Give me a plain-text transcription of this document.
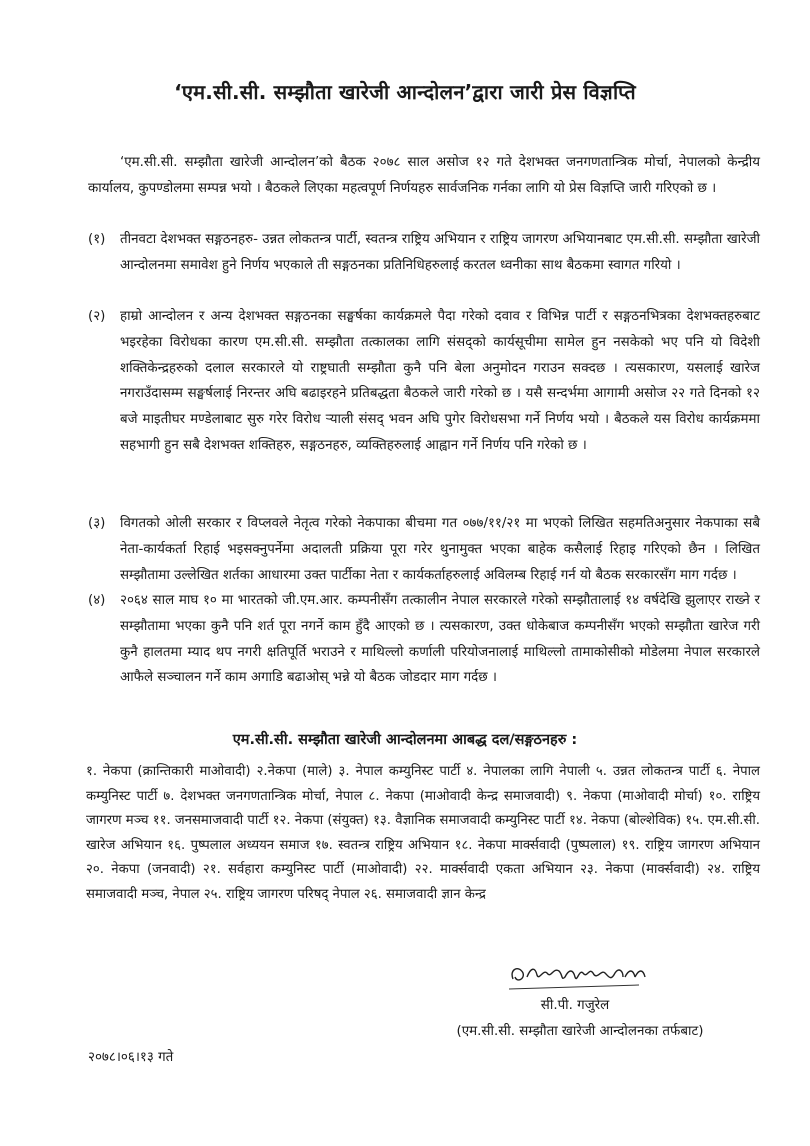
‘एम.सी.सी. सम्झौता खारेजी आन्दोलन’द्वारा जारी प्रेस विज्ञप्ति
‘एम.सी.सी. सम्झौता खारेजी आन्दोलन’को बैठक २०७८ साल असोज १२ गते देशभक्त जनगणतान्त्रिक मोर्चा, नेपालको केन्द्रीय कार्यालय, कुपण्डोलमा सम्पन्न भयो । बैठकले लिएका महत्वपूर्ण निर्णयहरु सार्वजनिक गर्नका लागि यो प्रेस विज्ञप्ति जारी गरिएको छ ।
(१)	तीनवटा देशभक्त सङ्गठनहरु- उन्नत लोकतन्त्र पार्टी, स्वतन्त्र राष्ट्रिय अभियान र राष्ट्रिय जागरण अभियानबाट एम.सी.सी. सम्झौता खारेजी आन्दोलनमा समावेश हुने निर्णय भएकाले ती सङ्गठनका प्रतिनिधिहरुलाई करतल ध्वनीका साथ बैठकमा स्वागत गरियो ।
(२)	हाम्रो आन्दोलन र अन्य देशभक्त सङ्गठनका सङ्घर्षका कार्यक्रमले पैदा गरेको दवाव र विभिन्न पार्टी र सङ्गठनभित्रका देशभक्तहरुबाट भइरहेका विरोधका कारण एम.सी.सी. सम्झौता तत्कालका लागि संसद्को कार्यसूचीमा सामेल हुन नसकेको भए पनि यो विदेशी शक्तिकेन्द्रहरुको दलाल सरकारले यो राष्ट्रघाती सम्झौता कुनै पनि बेला अनुमोदन गराउन सक्दछ । त्यसकारण, यसलाई खारेज नगराउँदासम्म सङ्घर्षलाई निरन्तर अघि बढाइरहने प्रतिबद्धता बैठकले जारी गरेको छ । यसै सन्दर्भमा आगामी असोज २२ गते दिनको १२ बजे माइतीघर मण्डेलाबाट सुरु गरेर विरोध ऱ्याली संसद् भवन अघि पुगेर विरोधसभा गर्ने निर्णय भयो । बैठकले यस विरोध कार्यक्रममा सहभागी हुन सबै देशभक्त शक्तिहरु, सङ्गठनहरु, व्यक्तिहरुलाई आह्वान गर्ने निर्णय पनि गरेको छ ।
(३)	विगतको ओली सरकार र विप्लवले नेतृत्व गरेको नेकपाका बीचमा गत ०७७/११/२१ मा भएको लिखित सहमतिअनुसार नेकपाका सबै नेता-कार्यकर्ता रिहाई भइसक्नुपर्नेमा अदालती प्रक्रिया पूरा गरेर थुनामुक्त भएका बाहेक कसैलाई रिहाइ गरिएको छैन । लिखित सम्झौतामा उल्लेखित शर्तका आधारमा उक्त पार्टीका नेता र कार्यकर्ताहरुलाई अविलम्ब रिहाई गर्न यो बैठक सरकारसँग माग गर्दछ ।
(४)	२०६४ साल माघ १० मा भारतको जी.एम.आर. कम्पनीसँग तत्कालीन नेपाल सरकारले गरेको सम्झौतालाई १४ वर्षदेखि झुलाएर राख्ने र सम्झौतामा भएका कुनै पनि शर्त पूरा नगर्ने काम हुँदै आएको छ । त्यसकारण, उक्त धोकेबाज कम्पनीसँग भएको सम्झौता खारेज गरी कुनै हालतमा म्याद थप नगरी क्षतिपूर्ति भराउने र माथिल्लो कर्णाली परियोजनालाई माथिल्लो तामाकोसीको मोडेलमा नेपाल सरकारले आफैले सञ्चालन गर्ने काम अगाडि बढाओस् भन्ने यो बैठक जोडदार माग गर्दछ ।
एम.सी.सी. सम्झौता खारेजी आन्दोलनमा आबद्ध दल/सङ्गठनहरु :
१. नेकपा (क्रान्तिकारी माओवादी) २.नेकपा (माले) ३. नेपाल कम्युनिस्ट पार्टी ४. नेपालका लागि नेपाली ५. उन्नत लोकतन्त्र पार्टी ६. नेपाल कम्युनिस्ट पार्टी ७. देशभक्त जनगणतान्त्रिक मोर्चा, नेपाल ८. नेकपा (माओवादी केन्द्र समाजवादी) ९. नेकपा (माओवादी मोर्चा) १०. राष्ट्रिय जागरण मञ्च ११. जनसमाजवादी पार्टी १२. नेकपा (संयुक्त) १३. वैज्ञानिक समाजवादी कम्युनिस्ट पार्टी १४. नेकपा (बोल्शेविक) १५. एम.सी.सी. खारेज अभियान १६. पुष्पलाल अध्ययन समाज १७. स्वतन्त्र राष्ट्रिय अभियान १८. नेकपा मार्क्सवादी (पुष्पलाल) १९. राष्ट्रिय जागरण अभियान २०. नेकपा (जनवादी) २१. सर्वहारा कम्युनिस्ट पार्टी (माओवादी) २२. मार्क्सवादी एकता अभियान २३. नेकपा (मार्क्सवादी) २४. राष्ट्रिय समाजवादी मञ्च, नेपाल २५. राष्ट्रिय जागरण परिषद् नेपाल २६. समाजवादी ज्ञान केन्द्र
सी.पी. गजुरेल
(एम.सी.सी. सम्झौता खारेजी आन्दोलनका तर्फबाट)
२०७८।०६।१३ गते
